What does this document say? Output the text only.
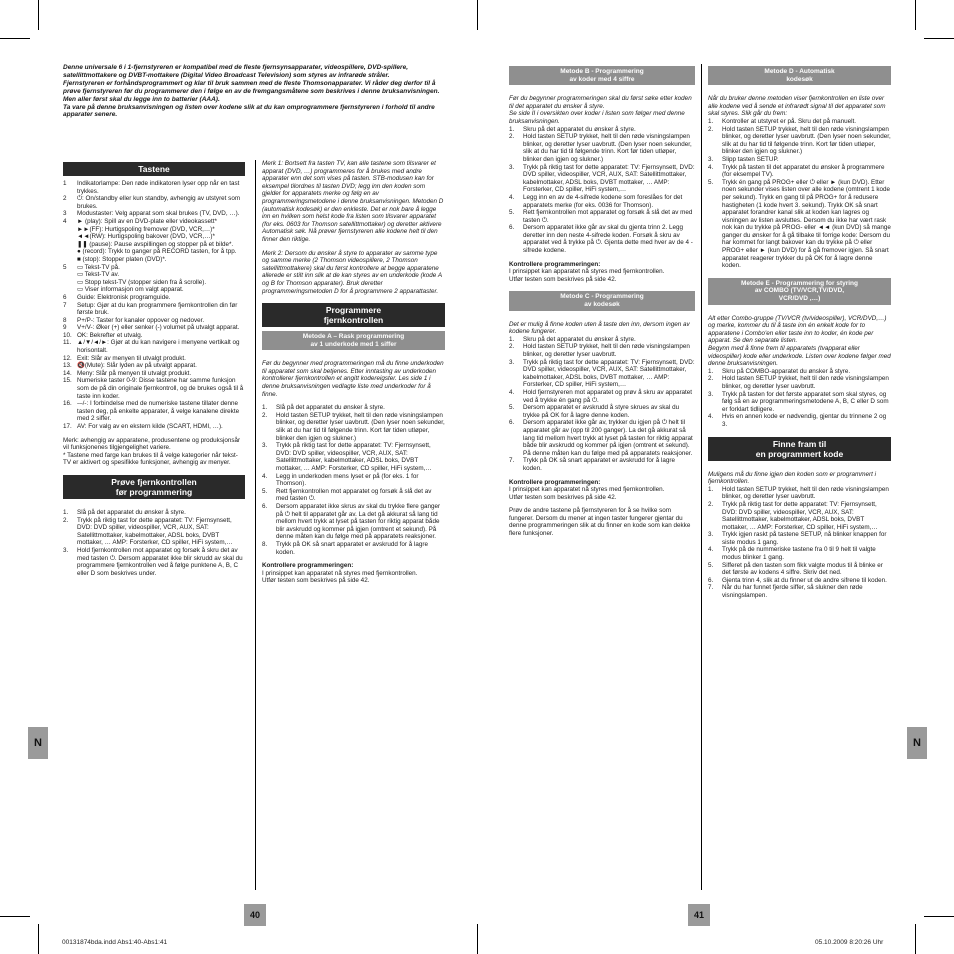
Denne universale 6 i 1-fjernstyreren er kompatibel med de fleste fjernsynsapparater, videospillere, DVD-spillere, satellittmottakere og DVBT-mottakere (Digital Video Broadcast Television) som styres av infrarøde stråler.
Fjernstyreren er forhåndsprogrammert og klar til bruk sammen med de fleste Thomsonapparater. Vi råder deg derfor til å prøve fjernstyreren før du programmerer den i følge en av de fremgangsmåtene som beskrives i denne bruksanvisningen. Men aller først skal du legge inn to batterier (AAA).
Ta vare på denne bruksanvisningen og listen over kodene slik at du kan omprogrammere fjernstyreren i forhold til andre apparater senere.
Tastene
1	Indikatorlampe: Den røde indikatoren lyser opp når en tast trykkes.
2	⏻: On/standby eller kun standby, avhengig av utstyret som brukes.
3	Modustaster: Velg apparat som skal brukes (TV, DVD, …).
4	► (play): Spill av en DVD-plate eller videokassett*
►►(FF): Hurtigspoling fremover (DVD, VCR,…)*
◄◄(RW): Hurtigspoling bakover (DVD, VCR,…)*
❚❚ (pause): Pause avspillingen og stopper på et bilde*.
● (record): Trykk to ganger på RECORD tasten, for å tpp.
■ (stop): Stopper platen (DVD)*.
5	▭ Tekst-TV på.
▭ Tekst-TV av.
▭ Stopp tekst-TV (stopper siden fra å scrolle).
▭ Viser informasjon om valgt apparat.
6	Guide: Elektronisk programguide.
7	Setup: Gjør at du kan programmere fjernkontrollen din før første bruk.
8	P+/P-: Taster for kanaler oppover og nedover.
9	V+/V-: Øker (+) eller senker (-) volumet på utvalgt apparat.
10. OK: Bekrefter et utvalg.
11. ▲/▼/◄/►: Gjør at du kan navigere i menyene vertikalt og horisontalt.
12. Exit: Slår av menyen til utvalgt produkt.
13. 🔇(Mute): Slår lyden av på utvalgt apparat.
14. Meny: Slår på menyen til utvalgt produkt.
15. Numeriske taster 0-9: Disse tastene har samme funksjon som de på din originale fjernkontroll, og de brukes også til å taste inn koder.
16. -–/-: I forbindelse med de numeriske tastene tillater denne tasten deg, på enkelte apparater, å velge kanalene direkte med 2 siffer.
17. AV: For valg av en ekstern kilde (SCART, HDMI, …).
Merk: avhengig av apparatene, produsentene og produksjonsår vil funksjonenes tilgjengelighet variere.
* Tastene med farge kan brukes til å velge kategorier når tekst-TV er aktivert og spesifikke funksjoner, avhengig av menyer.
Prøve fjernkontrollen
før programmering
1.	Slå på det apparatet du ønsker å styre.
2.	Trykk på riktig tast for dette apparatet: TV: Fjernsynsett, DVD: DVD spiller, videospiller, VCR, AUX, SAT: Satellittmottaker, kabelmottaker, ADSL boks, DVBT mottaker, … AMP: Forsterker, CD spiller, HiFi system,…
3.	Hold fjernkontrollen mot apparatet og forsøk å skru det av med tasten ⏻. Dersom apparatet ikke blir skrudd av skal du programmere fjernkontrollen ved å følge punktene A, B, C eller D som beskrives under.
Merk 1: Bortsett fra tasten TV, kan alle tastene som tilsvarer et apparat (DVD, …) programmeres for å brukes med andre apparater enn det som vises på tasten. STB-modusen kan for eksempel tilordnes til tasten DVD; legg inn den koden som gjelder for apparatets merke og følg en av programmeringsmetodene i denne bruksanvisningen. Metoden D (automatisk kodesøk) er den enkleste. Det er nok bare å legge inn en hvilken som helst kode fra listen som tilsvarer apparatet (for eks. 0603 for Thomson satellittmottaker) og deretter aktivere Automatisk søk. Nå prøver fjernstyreren alle kodene helt til den finner den riktige.
Merk 2: Dersom du ønsker å styre to apparater av samme type og samme merke (2 Thomson videospillere, 2 Thomson satellittmottakere) skal du først kontrollere at begge apparatene allerede er stilt inn slik at de kan styres av en underkode (kode A og B for Thomson apparater). Bruk deretter programmeringsmetoden D for å programmere 2 apparattaster.
Programmere
fjernkontrollen
Metode A – Rask programmering
av 1 underkode med 1 siffer
Før du begynner med programmeringen må du finne underkoden til apparatet som skal betjenes. Etter inntasting av underkoden kontrollerer fjernkontrollen et angitt kodereigster. Les side 1 i denne bruksanvisningen vedlagte liste med underkoder for å finne.
1.	Slå på det apparatet du ønsker å styre.
2.	Hold tasten SETUP trykket, helt til den røde visningslampen blinker, og deretter lyser uavbrutt. (Den lyser noen sekunder, slik at du har tid til følgende trinn. Kort før tiden utløper, blinker den igjen og slukner.)
3.	Trykk på riktig tast for dette apparatet: TV: Fjernsynsett, DVD: DVD spiller, videospiller, VCR, AUX, SAT: Satellittmottaker, kabelmottaker, ADSL boks, DVBT mottaker, … AMP: Forsterker, CD spiller, HiFi system,…
4.	Legg in underkoden mens lyset er på (for eks. 1 for Thomson).
5.	Rett fjernkontrollen mot apparatet og forsøk å slå det av med tasten ⏻.
6.	Dersom apparatet ikke skrus av skal du trykke flere ganger på ⏻ helt til apparatet går av. La det gå akkurat så lang tid mellom hvert trykk at lyset på tasten for riktig apparat både blir avskrudd og kommer på igjen (omtrent et sekund). På denne måten kan du følge med på apparatets reaksjoner.
8.	Trykk på OK så snart apparatet er avskrudd for å lagre koden.
Kontrollere programmeringen:
I prinsippet kan apparatet nå styres med fjernkontrollen.
Utfør testen som beskrives på side 42.
N
40
00131874bda.indd Abs1:40-Abs1:41
Metode B - Programmering
av koder med 4 siffre
Før du begynner programmeringen skal du først søke etter koden til det apparatet du ønsker å styre.
Se side II i oversikten over koder i listen som følger med denne bruksanvisningen.
1.	Skru på det apparatet du ønsker å styre.
2.	Hold tasten SETUP trykket, helt til den røde visningslampen blinker, og deretter lyser uavbrutt. (Den lyser noen sekunder, slik at du har tid til følgende trinn. Kort før tiden utløper, blinker den igjen og slukner.)
3.	Trykk på riktig tast for dette apparatet: TV: Fjernsynsett, DVD: DVD spiller, videospiller, VCR, AUX, SAT: Satellittmottaker, kabelmottaker, ADSL boks, DVBT mottaker, … AMP: Forsterker, CD spiller, HiFi system,…
4.	Legg inn en av de 4-sifrede kodene som foreslåes for det apparatets merke (for eks. 0036 for Thomson).
5.	Rett fjernkontrollen mot apparatet og forsøk å slå det av med tasten ⏻.
6.	Dersom apparatet ikke går av skal du gjenta trinn 2. Legg deretter inn den neste 4-sifrede koden. Forsøk å skru av apparatet ved å trykke på ⏻. Gjenta dette med hver av de 4 -sifrede kodene.
Kontrollere programmeringen:
I prinsippet kan apparatet nå styres med fjernkontrollen.
Utfør testen som beskrives på side 42.
Metode C - Programmering
av kodesøk
Det er mulig å finne koden uten å taste den inn, dersom ingen av kodene fungerer.
1.	Skru på det apparatet du ønsker å styre.
2.	Hold tasten SETUP trykket, helt til den røde visningslampen blinker, og deretter lyser uavbrutt.
3.	Trykk på riktig tast for dette apparatet: TV: Fjernsynsett, DVD: DVD spiller, videospiller, VCR, AUX, SAT: Satellittmottaker, kabelmottaker, ADSL boks, DVBT mottaker, … AMP: Forsterker, CD spiller, HiFi system,…
4.	Hold fjernstyreren mot apparatet og prøv å skru av apparatet ved å trykke én gang på ⏻.
5.	Dersom apparatet er avskrudd å styre skrues av skal du trykke på OK for å lagre denne koden.
6.	Dersom apparatet ikke går av, trykker du igjen på ⏻ helt til apparatet går av (opp til 200 ganger). La det gå akkurat så lang tid mellom hvert trykk at lyset på tasten for riktig apparat både blir avskrudd og kommer på igjen (omtrent et sekund). På denne måten kan du følge med på apparatets reaksjoner.
7.	Trykk på OK så snart apparatet er avskrudd for å lagre koden.
Kontrollere programmeringen:
I prinsippet kan apparatet nå styres med fjernkontrollen.
Utfør testen som beskrives på side 42.
Prøv de andre tastene på fjernstyreren for å se hvilke som fungerer. Dersom du mener at ingen taster fungerer gjentar du denne programmeringen slik at du finner en kode som kan dekke flere funksjoner.
Metode D - Automatisk
kodesøk
Når du bruker denne metoden viser fjernkontrollen en liste over alle kodene ved å sende et infrarødt signal til det apparatet som skal styres. Slik går du frem:
1.	Kontroller at utstyret er på. Skru det på manuelt.
2.	Hold tasten SETUP trykket, helt til den røde visningslampen blinker, og deretter lyser uavbrutt. (Den lyser noen sekunder, slik at du har tid til følgende trinn. Kort før tiden utløper, blinker den igjen og slukner.)
3.	Slipp tasten SETUP.
4.	Trykk på tasten til det apparatet du ønsker å programmere (for eksempel TV).
5.	Trykk én gang på PROG+ eller ⏻ eller ► (kun DVD). Etter noen sekunder vises listen over alle kodene (omtrent 1 kode per sekund). Trykk en gang til på PROG+ for å redusere hastigheten (1 kode hvert 3. sekund). Trykk OK så snart apparatet forandrer kanal slik at koden kan lagres og visningen av listen avsluttes. Dersom du ikke har vært rask nok kan du trykke på PROG- eller ◄◄ (kun DVD) så mange ganger du ønsker for å gå tilbake til forrige kode: Dersom du har kommet for langt bakover kan du trykke på ⏻ eller PROG+ eller ► (kun DVD) for å gå fremover igjen. Så snart apparatet reagerer trykker du på OK for å lagre denne koden.
Metode E - Programmering for styring
av COMBO (TV/VCR,TV/DVD,
VCR/DVD ,…)
Alt etter Combo-gruppe (TV/VCR (tv/videospiller), VCR/DVD,…) og merke, kommer du til å taste inn én enkelt kode for to apparatene i Combo'en eller taste inn to koder, én kode per apparat. Se den separate listen.
Begynn med å finne frem til apparatets (tvapparat eller videospiller) kode eller underkode. Listen over kodene følger med denne bruksanvisningen.
1.	Skru på COMBO-apparatet du ønsker å styre.
2.	Hold tasten SETUP trykket, helt til den røde visningslampen blinker, og deretter lyser uavbrutt.
3.	Trykk på tasten for det første apparatet som skal styres, og følg så en av programmeringsmetodene A, B, C eller D som er forklart tidligere.
4.	Hvis en annen kode er nødvendig, gjentar du trinnene 2 og 3.
Finne fram til
en programmert kode
Muligens må du finne igjen den koden som er programmert i fjernkontrollen.
1.	Hold tasten SETUP trykket, helt til den røde visningslampen blinker, og deretter lyser uavbrutt.
2.	Trykk på riktig tast for dette apparatet: TV: Fjernsynsett, DVD: DVD spiller, videospiller, VCR, AUX, SAT: Satellittmottaker, kabelmottaker, ADSL boks, DVBT mottaker, … AMP: Forsterker, CD spiller, HiFi system,…
3.	Trykk igjen raskt på tastene SETUP, nå blinker knappen for siste modus 1 gang.
4.	Trykk på de nummeriske tastene fra 0 til 9 helt til valgte modus blinker 1 gang.
5.	Sifferet på den tasten som fikk valgte modus til å blinke er det første av kodens 4 siffre. Skriv det ned.
6.	Gjenta trinn 4, slik at du finner ut de andre sifrene til koden.
7.	Når du har funnet fjerde siffer, så slukner den røde visningslampen.
N
41
05.10.2009 8:20:26 Uhr
